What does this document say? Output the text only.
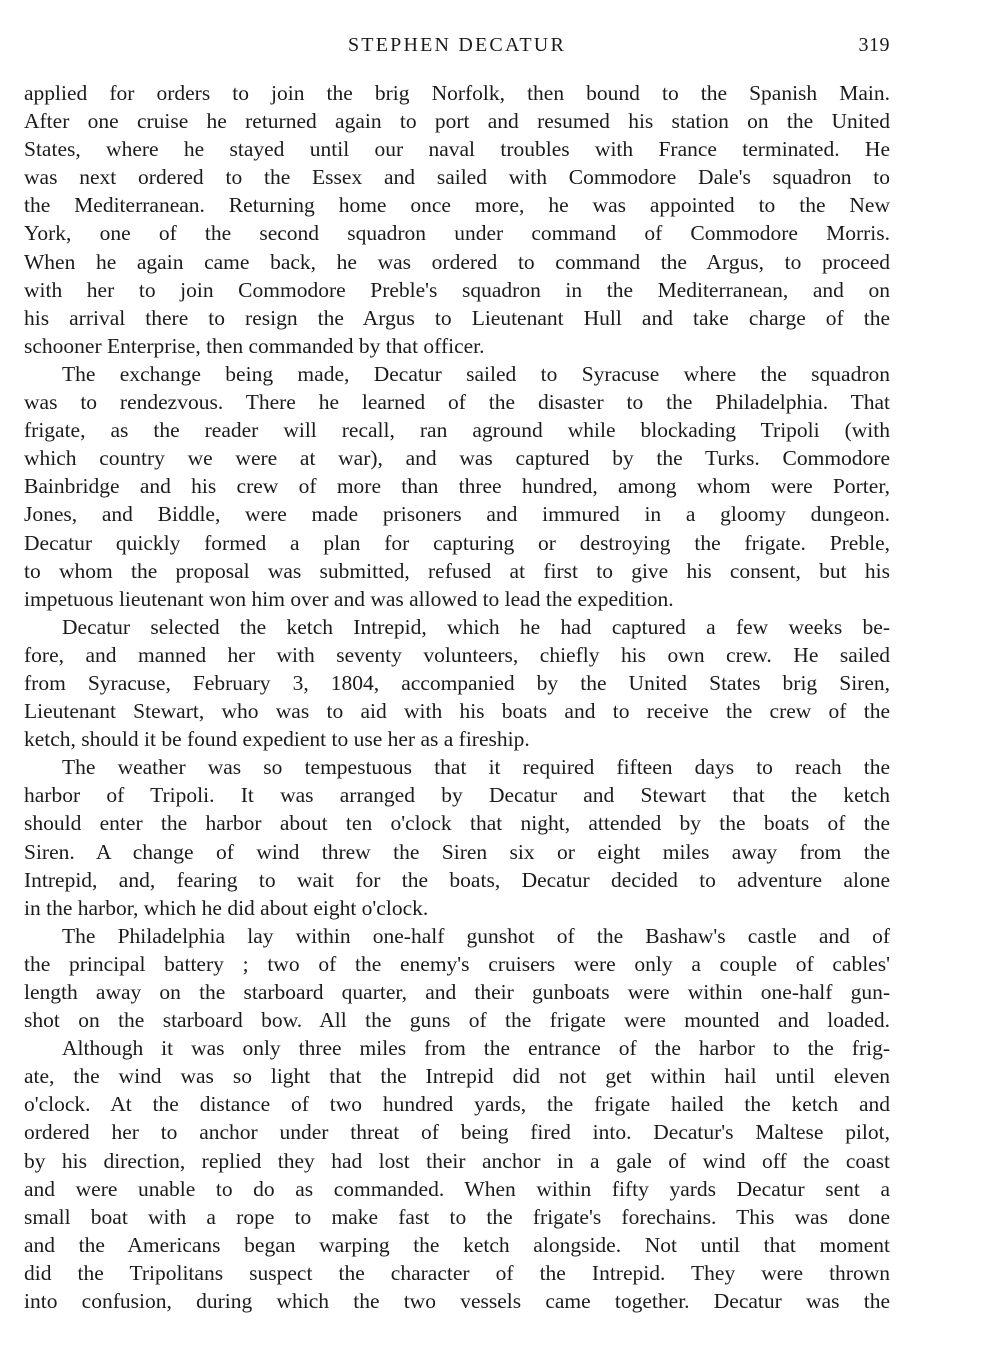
STEPHEN DECATUR	319
applied for orders to join the brig Norfolk, then bound to the Spanish Main.
After one cruise he returned again to port and resumed his station on the United
States, where he stayed until our naval troubles with France terminated. He
was next ordered to the Essex and sailed with Commodore Dale's squadron to
the Mediterranean. Returning home once more, he was appointed to the New
York, one of the second squadron under command of Commodore Morris.
When he again came back, he was ordered to command the Argus, to proceed
with her to join Commodore Preble's squadron in the Mediterranean, and on
his arrival there to resign the Argus to Lieutenant Hull and take charge of the
schooner Enterprise, then commanded by that officer.
The exchange being made, Decatur sailed to Syracuse where the squadron
was to rendezvous. There he learned of the disaster to the Philadelphia. That
frigate, as the reader will recall, ran aground while blockading Tripoli (with
which country we were at war), and was captured by the Turks. Commodore
Bainbridge and his crew of more than three hundred, among whom were Porter,
Jones, and Biddle, were made prisoners and immured in a gloomy dungeon.
Decatur quickly formed a plan for capturing or destroying the frigate. Preble,
to whom the proposal was submitted, refused at first to give his consent, but his
impetuous lieutenant won him over and was allowed to lead the expedition.
Decatur selected the ketch Intrepid, which he had captured a few weeks be-
fore, and manned her with seventy volunteers, chiefly his own crew. He sailed
from Syracuse, February 3, 1804, accompanied by the United States brig Siren,
Lieutenant Stewart, who was to aid with his boats and to receive the crew of the
ketch, should it be found expedient to use her as a fireship.
The weather was so tempestuous that it required fifteen days to reach the
harbor of Tripoli. It was arranged by Decatur and Stewart that the ketch
should enter the harbor about ten o'clock that night, attended by the boats of the
Siren. A change of wind threw the Siren six or eight miles away from the
Intrepid, and, fearing to wait for the boats, Decatur decided to adventure alone
in the harbor, which he did about eight o'clock.
The Philadelphia lay within one-half gunshot of the Bashaw's castle and of
the principal battery ; two of the enemy's cruisers were only a couple of cables'
length away on the starboard quarter, and their gunboats were within one-half gun-
shot on the starboard bow. All the guns of the frigate were mounted and loaded.
Although it was only three miles from the entrance of the harbor to the frig-
ate, the wind was so light that the Intrepid did not get within hail until eleven
o'clock. At the distance of two hundred yards, the frigate hailed the ketch and
ordered her to anchor under threat of being fired into. Decatur's Maltese pilot,
by his direction, replied they had lost their anchor in a gale of wind off the coast
and were unable to do as commanded. When within fifty yards Decatur sent a
small boat with a rope to make fast to the frigate's forechains. This was done
and the Americans began warping the ketch alongside. Not until that moment
did the Tripolitans suspect the character of the Intrepid. They were thrown
into confusion, during which the two vessels came together. Decatur was the
